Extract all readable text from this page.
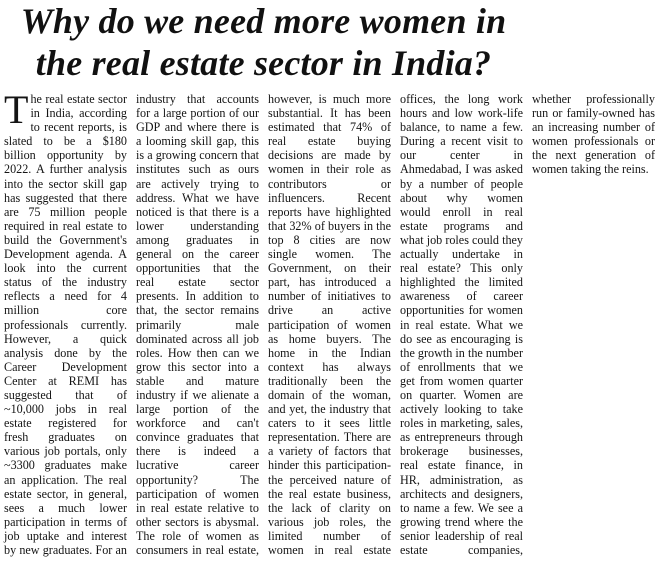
Why do we need more women in
the real estate sector in India?

The real estate sector in India, according to recent reports, is slated to be a $180 billion opportunity by 2022. A further analysis into the sector skill gap has suggested that there are 75 million people required in real estate to build the Government's Development agenda. A look into the current status of the industry reflects a need for 4 million core professionals currently. However, a quick analysis done by the Career Development Center at REMI has suggested that of ~10,000 jobs in real estate registered for fresh graduates on various job portals, only ~3300 graduates make an application. The real estate sector, in general, sees a much lower participation in terms of job uptake and interest by new graduates. For an industry that accounts for a large portion of our GDP and where there is a looming skill gap, this is a growing concern that institutes such as ours are actively trying to address. What we have noticed is that there is a lower understanding among graduates in general on the career opportunities that the real estate sector presents. In addition to that, the sector remains primarily male dominated across all job roles. How then can we grow this sector into a stable and mature industry if we alienate a large portion of the workforce and can't convince graduates that there is indeed a lucrative career opportunity? The participation of women in real estate relative to other sectors is abysmal. The role of women as consumers in real estate, however, is much more substantial. It has been estimated that 74% of real estate buying decisions are made by women in their role as contributors or influencers. Recent reports have highlighted that 32% of buyers in the top 8 cities are now single women. The Government, on their part, has introduced a number of initiatives to drive an active participation of women as home buyers. The home in the Indian context has always traditionally been the domain of the woman, and yet, the industry that caters to it sees little representation. There are a variety of factors that hinder this participation- the perceived nature of the real estate business, the lack of clarity on various job roles, the limited number of women in real estate offices, the long work hours and low work-life balance, to name a few. During a recent visit to our center in Ahmedabad, I was asked by a number of people about why women would enroll in real estate programs and what job roles could they actually undertake in real estate? This only highlighted the limited awareness of career opportunities for women in real estate. What we do see as encouraging is the growth in the number of enrollments that we get from women quarter on quarter. Women are actively looking to take roles in marketing, sales, as entrepreneurs through brokerage businesses, real estate finance, in HR, administration, as architects and designers, to name a few. We see a growing trend where the senior leadership of real estate companies, whether professionally run or family-owned has an increasing number of women professionals or the next generation of women taking the reins.
